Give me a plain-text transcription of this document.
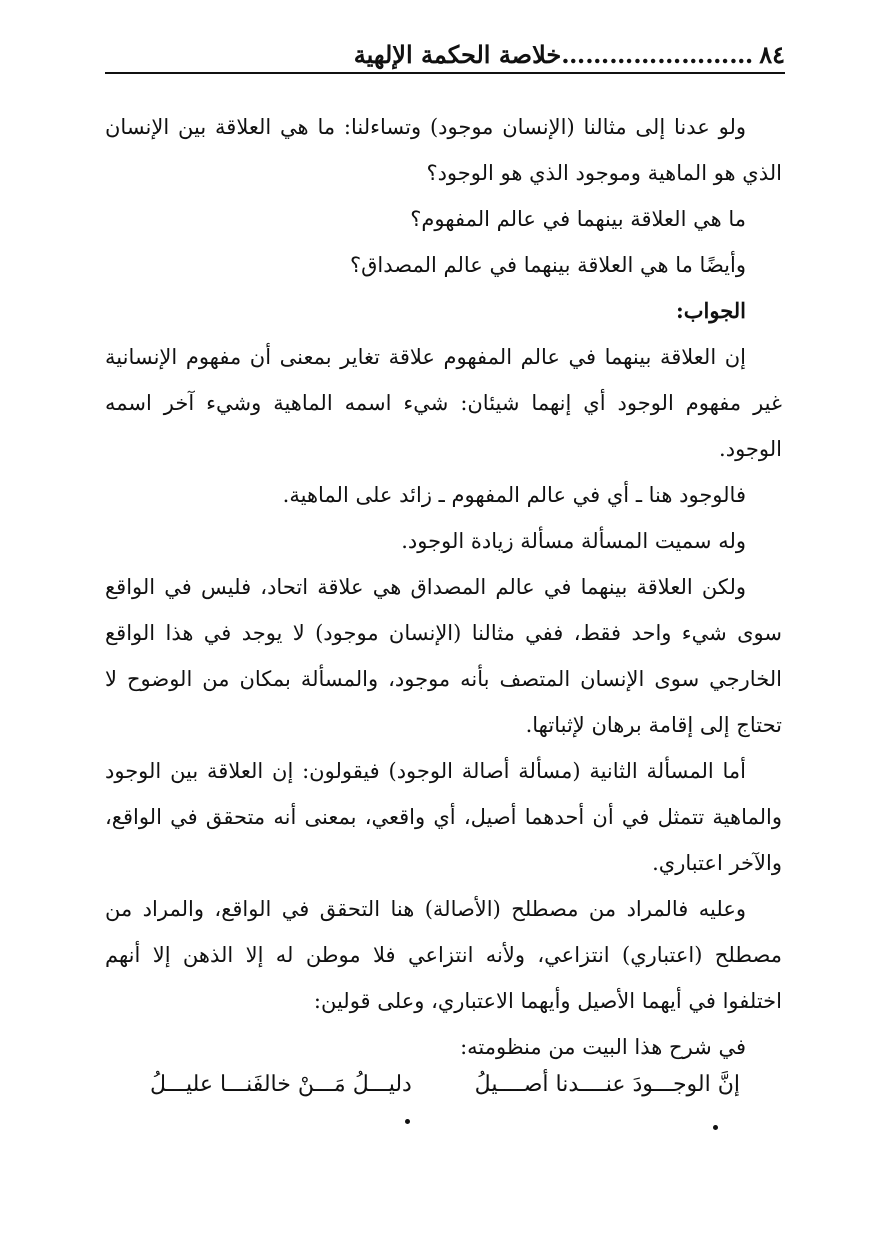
٨٤
……………………
خلاصة الحكمة الإلهية

ولو عدنا إلى مثالنا (الإنسان موجود) وتساءلنا: ما هي العلاقة بين الإنسان الذي هو الماهية وموجود الذي هو الوجود؟

ما هي العلاقة بينهما في عالم المفهوم؟

وأيضًا ما هي العلاقة بينهما في عالم المصداق؟

الجواب:

إن العلاقة بينهما في عالم المفهوم علاقة تغاير بمعنى أن مفهوم الإنسانية غير مفهوم الوجود أي إنهما شيئان: شيء اسمه الماهية وشيء آخر اسمه الوجود.

فالوجود هنا ـ أي في عالم المفهوم ـ زائد على الماهية.

وله سميت المسألة مسألة زيادة الوجود.

ولكن العلاقة بينهما في عالم المصداق هي علاقة اتحاد، فليس في الواقع سوى شيء واحد فقط، ففي مثالنا (الإنسان موجود) لا يوجد في هذا الواقع الخارجي سوى الإنسان المتصف بأنه موجود، والمسألة بمكان من الوضوح لا تحتاج إلى إقامة برهان لإثباتها.

أما المسألة الثانية (مسألة أصالة الوجود) فيقولون: إن العلاقة بين الوجود والماهية تتمثل في أن أحدهما أصيل، أي واقعي، بمعنى أنه متحقق في الواقع، والآخر اعتباري.

وعليه فالمراد من مصطلح (الأصالة) هنا التحقق في الواقع، والمراد من مصطلح (اعتباري) انتزاعي، ولأنه انتزاعي فلا موطن له إلا الذهن إلا أنهم اختلفوا في أيهما الأصيل وأيهما الاعتباري، وعلى قولين:

في شرح هذا البيت من منظومته:

إنَّ الوجـــودَ عنــــدنا أصــــيلُ
دليـــلُ مَـــنْ خالفَنـــا عليـــلُ
